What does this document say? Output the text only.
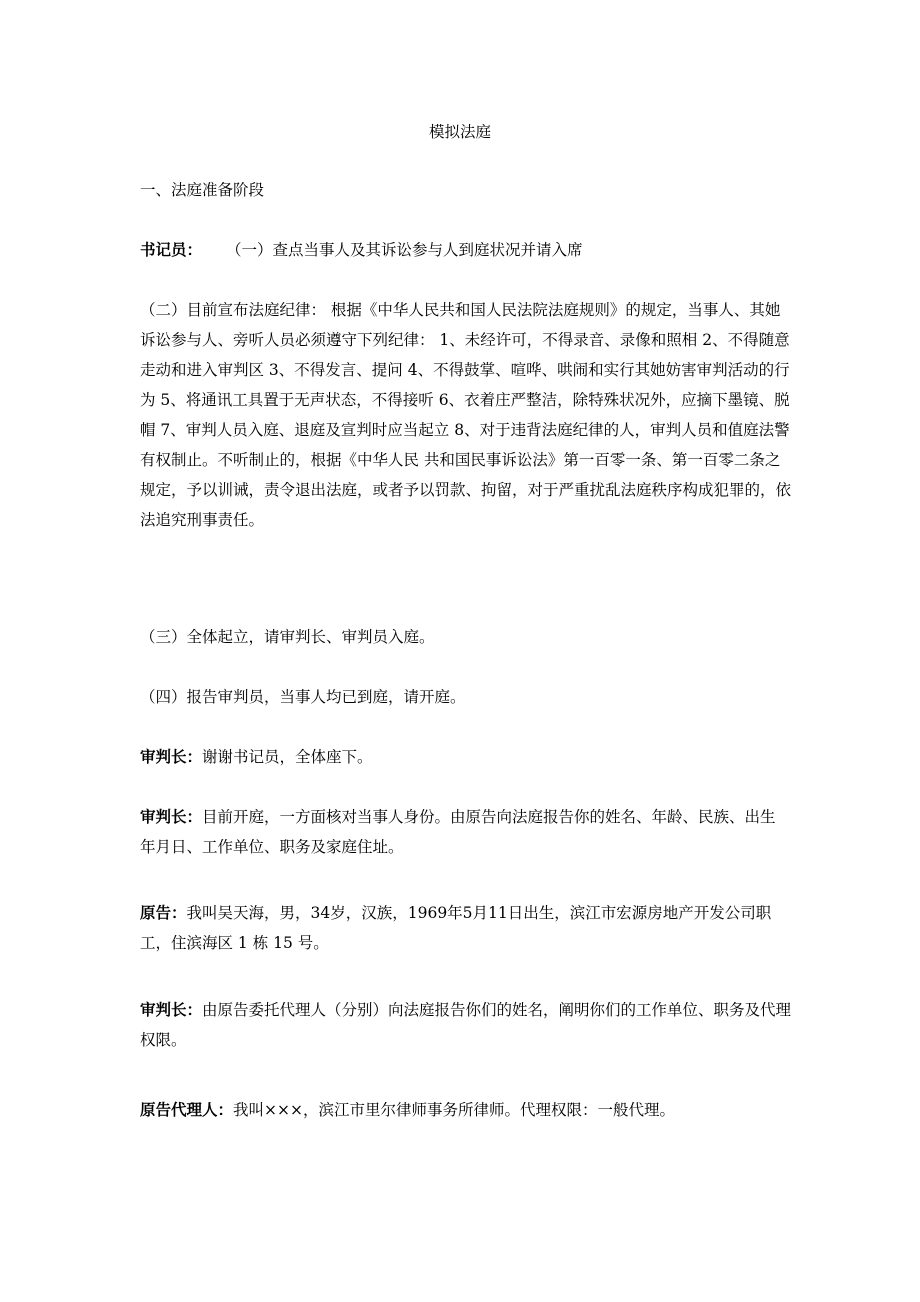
模拟法庭

一、法庭准备阶段

书记员： （一）查点当事人及其诉讼参与人到庭状况并请入席

（二）目前宣布法庭纪律： 根据《中华人民共和国人民法院法庭规则》的规定，当事人、其她诉讼参与人、旁听人员必须遵守下列纪律： 1、未经许可，不得录音、录像和照相 2、不得随意走动和进入审判区 3、不得发言、提问 4、不得鼓掌、喧哗、哄闹和实行其她妨害审判活动的行为 5、将通讯工具置于无声状态，不得接听 6、衣着庄严整洁，除特殊状况外，应摘下墨镜、脱帽 7、审判人员入庭、退庭及宣判时应当起立 8、对于违背法庭纪律的人，审判人员和值庭法警有权制止。不听制止的，根据《中华人民 共和国民事诉讼法》第一百零一条、第一百零二条之规定，予以训诫，责令退出法庭，或者予以罚款、拘留，对于严重扰乱法庭秩序构成犯罪的，依法追究刑事责任。

（三）全体起立，请审判长、审判员入庭。

（四）报告审判员，当事人均已到庭，请开庭。

审判长：谢谢书记员，全体座下。

审判长：目前开庭，一方面核对当事人身份。由原告向法庭报告你的姓名、年龄、民族、出生 年月日、工作单位、职务及家庭住址。

原告：我叫吴天海，男，34岁，汉族，1969年5月11日出生，滨江市宏源房地产开发公司职工，住滨海区 1 栋 15 号。

审判长：由原告委托代理人（分别）向法庭报告你们的姓名，阐明你们的工作单位、职务及代理权限。

原告代理人：我叫×××，滨江市里尔律师事务所律师。代理权限：一般代理。
